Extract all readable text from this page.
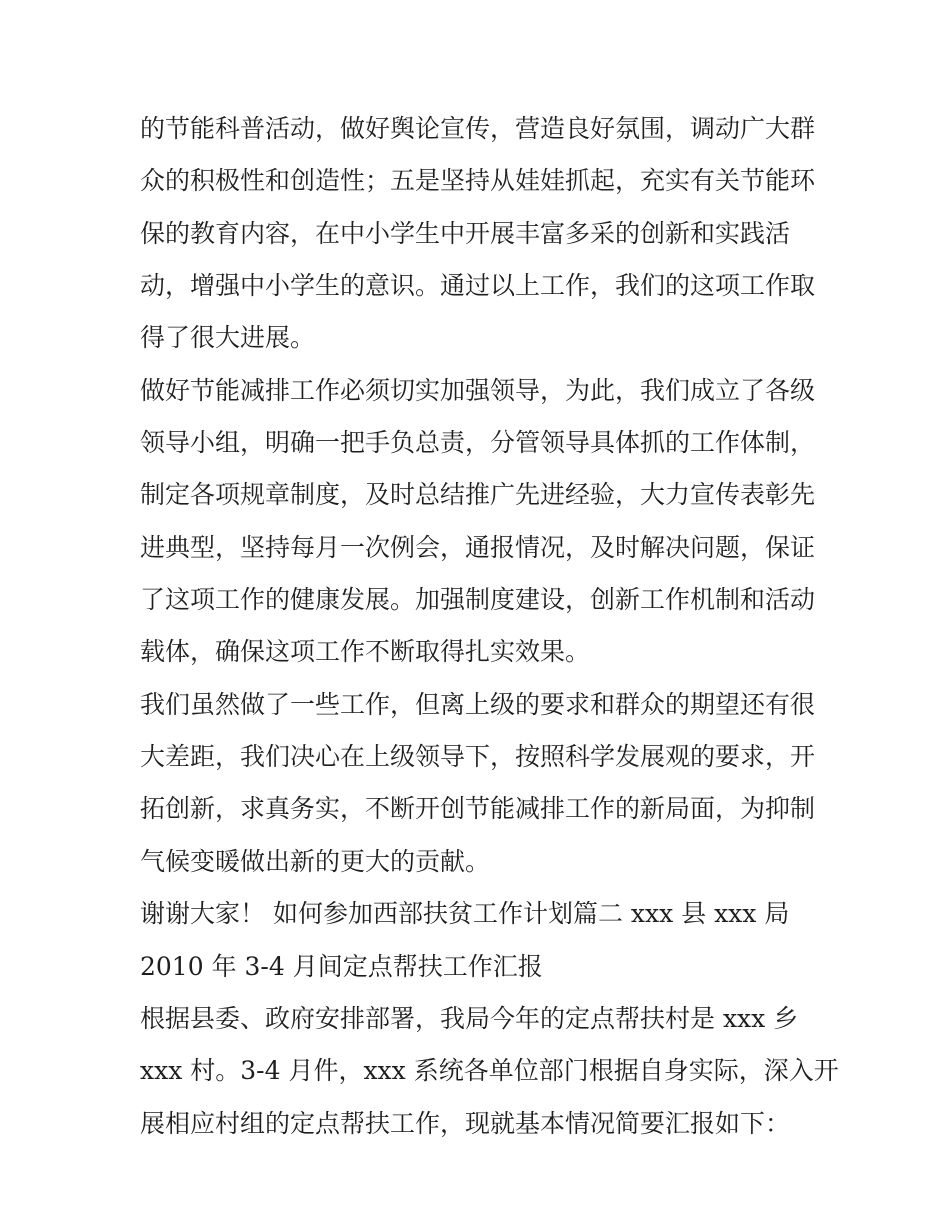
的节能科普活动，做好舆论宣传，营造良好氛围，调动广大群
众的积极性和创造性；五是坚持从娃娃抓起，充实有关节能环
保的教育内容，在中小学生中开展丰富多采的创新和实践活
动，增强中小学生的意识。通过以上工作，我们的这项工作取
得了很大进展。
做好节能减排工作必须切实加强领导，为此，我们成立了各级
领导小组，明确一把手负总责，分管领导具体抓的工作体制，
制定各项规章制度，及时总结推广先进经验，大力宣传表彰先
进典型，坚持每月一次例会，通报情况，及时解决问题，保证
了这项工作的健康发展。加强制度建设，创新工作机制和活动
载体，确保这项工作不断取得扎实效果。
我们虽然做了一些工作，但离上级的要求和群众的期望还有很
大差距，我们决心在上级领导下，按照科学发展观的要求，开
拓创新，求真务实，不断开创节能减排工作的新局面，为抑制
气候变暖做出新的更大的贡献。
谢谢大家！ 如何参加西部扶贫工作计划篇二 xxx 县 xxx 局
2010 年 3-4 月间定点帮扶工作汇报
根据县委、政府安排部署，我局今年的定点帮扶村是 xxx 乡
xxx 村。3-4 月件，xxx 系统各单位部门根据自身实际，深入开
展相应村组的定点帮扶工作，现就基本情况简要汇报如下：
